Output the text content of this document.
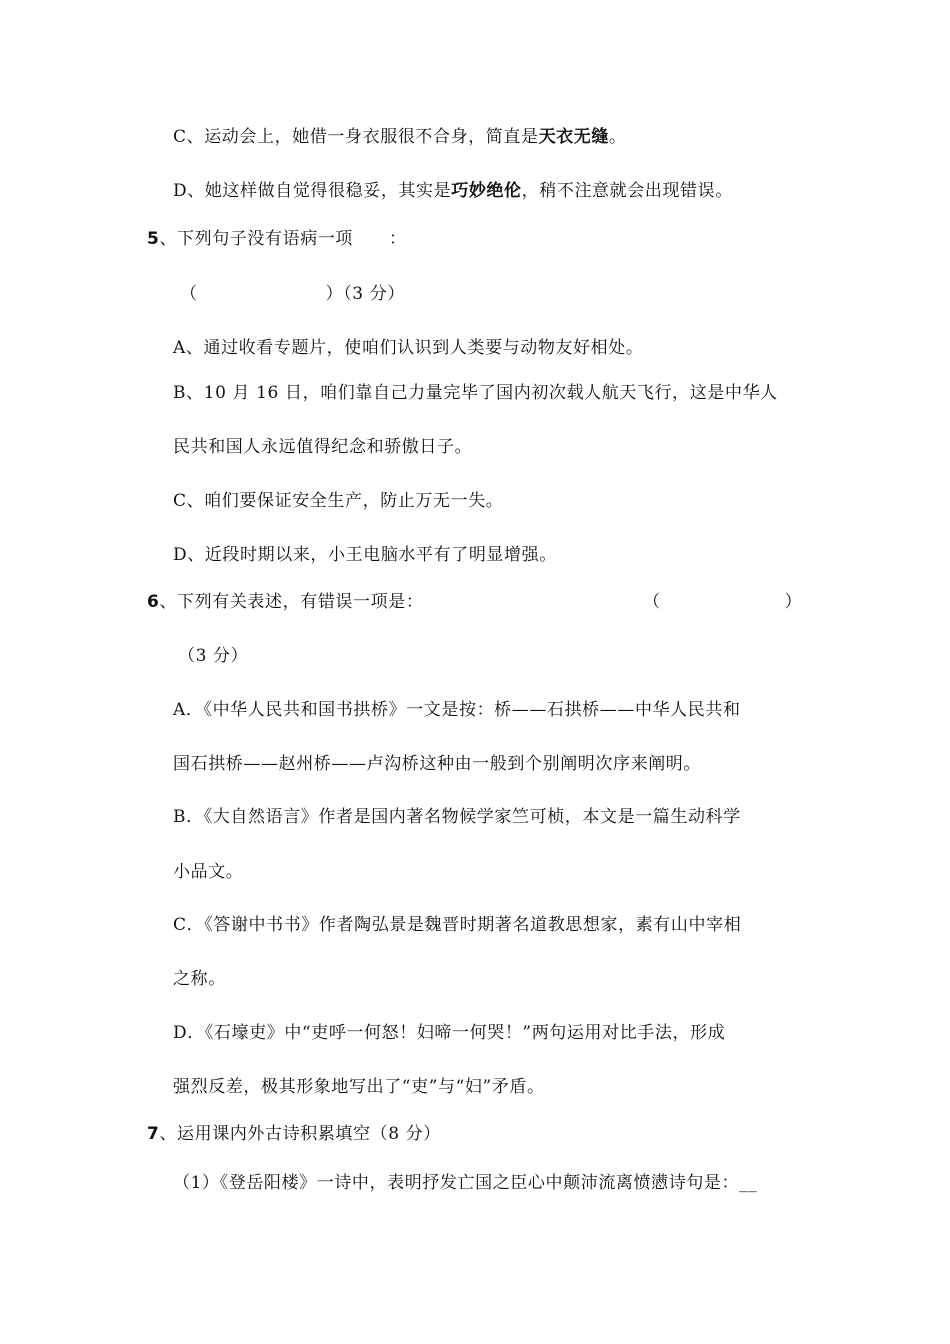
C、运动会上，她借一身衣服很不合身，简直是天衣无缝。
D、她这样做自觉得很稳妥，其实是巧妙绝伦，稍不注意就会出现错误。
5、下列句子没有语病一项 ：
（	）（3 分）
A、通过收看专题片，使咱们认识到人类要与动物友好相处。
B、10 月 16 日，咱们靠自己力量完毕了国内初次载人航天飞行，这是中华人
民共和国人永远值得纪念和骄傲日子。
C、咱们要保证安全生产，防止万无一失。
D、近段时期以来，小王电脑水平有了明显增强。
6、下列有关表述，有错误一项是：	（	）
（3 分）
A．《中华人民共和国书拱桥》一文是按：桥——石拱桥——中华人民共和
国石拱桥——赵州桥——卢沟桥这种由一般到个别阐明次序来阐明。
B．《大自然语言》作者是国内著名物候学家竺可桢，本文是一篇生动科学
小品文。
C．《答谢中书书》作者陶弘景是魏晋时期著名道教思想家，素有山中宰相
之称。
D．《石壕吏》中“吏呼一何怒！妇啼一何哭！”两句运用对比手法，形成
强烈反差，极其形象地写出了“吏”与“妇”矛盾。
7、运用课内外古诗积累填空（8 分）
（1）《登岳阳楼》一诗中，表明抒发亡国之臣心中颠沛流离愤懑诗句是：__
